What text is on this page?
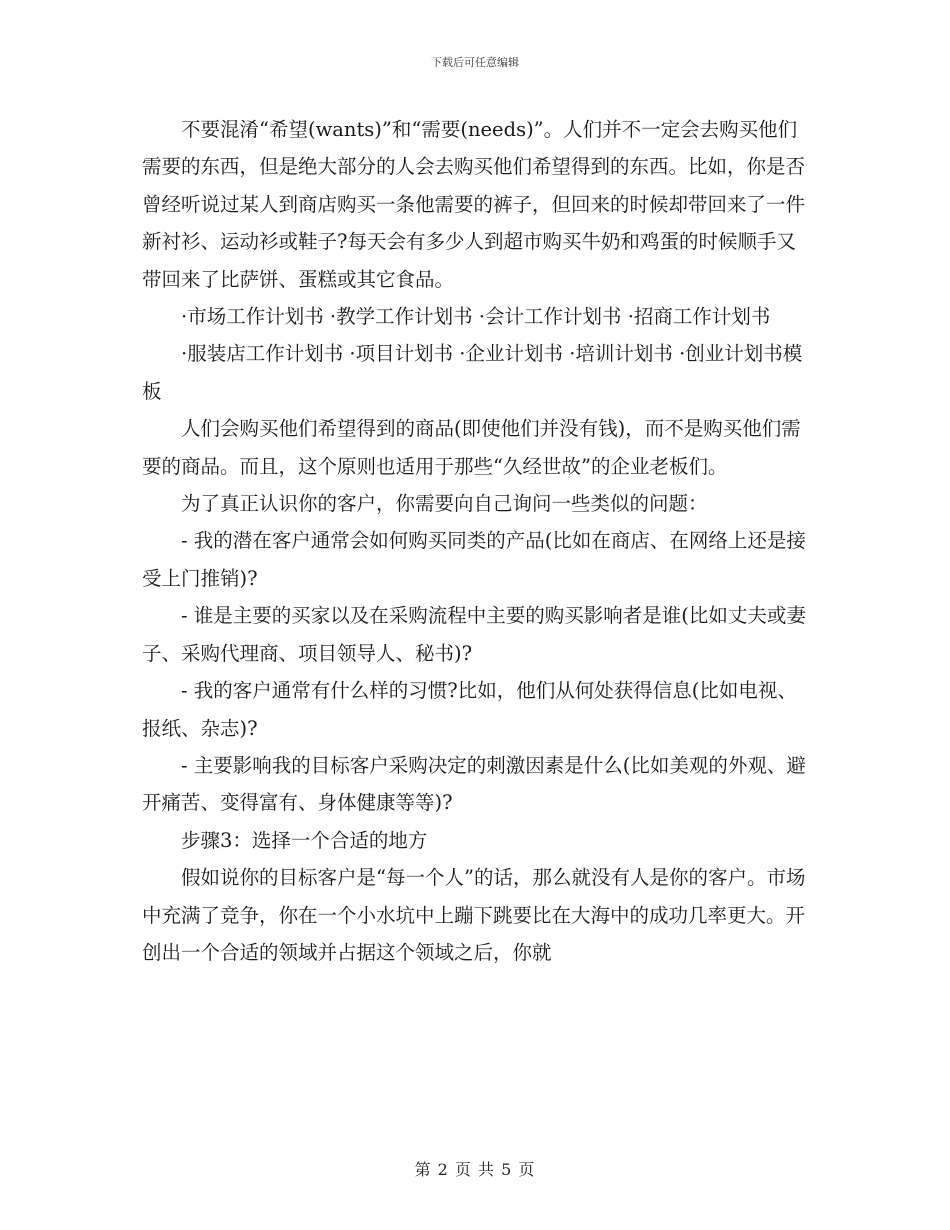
下载后可任意编辑

不要混淆“希望(wants)”和“需要(needs)”。人们并不一定会去购买他们需要的东西，但是绝大部分的人会去购买他们希望得到的东西。比如，你是否曾经听说过某人到商店购买一条他需要的裤子，但回来的时候却带回来了一件新衬衫、运动衫或鞋子?每天会有多少人到超市购买牛奶和鸡蛋的时候顺手又带回来了比萨饼、蛋糕或其它食品。

·市场工作计划书 ·教学工作计划书 ·会计工作计划书 ·招商工作计划书

·服装店工作计划书 ·项目计划书 ·企业计划书 ·培训计划书 ·创业计划书模板

人们会购买他们希望得到的商品(即使他们并没有钱)，而不是购买他们需要的商品。而且，这个原则也适用于那些“久经世故”的企业老板们。

为了真正认识你的客户，你需要向自己询问一些类似的问题：

- 我的潜在客户通常会如何购买同类的产品(比如在商店、在网络上还是接受上门推销)?

- 谁是主要的买家以及在采购流程中主要的购买影响者是谁(比如丈夫或妻子、采购代理商、项目领导人、秘书)?

- 我的客户通常有什么样的习惯?比如，他们从何处获得信息(比如电视、报纸、杂志)?

- 主要影响我的目标客户采购决定的刺激因素是什么(比如美观的外观、避开痛苦、变得富有、身体健康等等)?

步骤3：选择一个合适的地方

假如说你的目标客户是“每一个人”的话，那么就没有人是你的客户。市场中充满了竞争，你在一个小水坑中上蹦下跳要比在大海中的成功几率更大。开创出一个合适的领域并占据这个领域之后，你就

第 2 页 共 5 页
